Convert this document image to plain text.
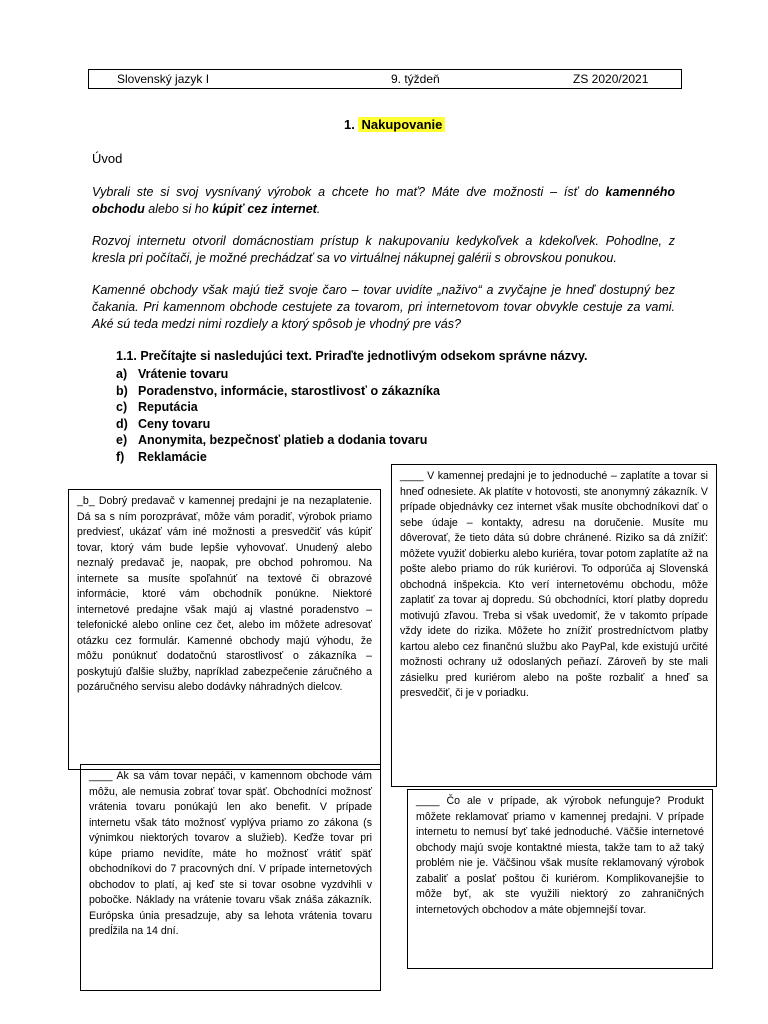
Slovenský jazyk I	9. týždeň	ZS 2020/2021
1. Nakupovanie
Úvod

Vybrali ste si svoj vysnívaný výrobok a chcete ho mať? Máte dve možnosti – ísť do kamenného obchodu alebo si ho kúpiť cez internet.

Rozvoj internetu otvoril domácnostiam prístup k nakupovaniu kedykoľvek a kdekoľvek. Pohodlne, z kresla pri počítači, je možné prechádzať sa vo virtuálnej nákupnej galérii s obrovskou ponukou.

Kamenné obchody však majú tiež svoje čaro – tovar uvidíte „naživo“ a zvyčajne je hneď dostupný bez čakania. Pri kamennom obchode cestujete za tovarom, pri internetovom tovar obvykle cestuje za vami. Aké sú teda medzi nimi rozdiely a ktorý spôsob je vhodný pre vás?

1.1. Prečítajte si nasledujúci text. Priraďte jednotlivým odsekom správne názvy.
a) Vrátenie tovaru
b) Poradenstvo, informácie, starostlivosť o zákazníka
c) Reputácia
d) Ceny tovaru
e) Anonymita, bezpečnosť platieb a dodania tovaru
f)	Reklamácie

_b_ Dobrý predavač v kamennej predajni je na nezaplatenie. Dá sa s ním porozprávať, môže vám poradiť, výrobok priamo predviesť, ukázať vám iné možnosti a presvedčiť vás kúpiť tovar, ktorý vám bude lepšie vyhovovať. Unudený alebo neznalý predavač je, naopak, pre obchod pohromou. Na internete sa musíte spoľahnúť na textové či obrazové informácie, ktoré vám obchodník ponúkne. Niektoré internetové predajne však majú aj vlastné poradenstvo – telefonické alebo online cez čet, alebo im môžete adresovať otázku cez formulár. Kamenné obchody majú výhodu, že môžu ponúknuť dodatočnú starostlivosť o zákazníka – poskytujú ďalšie služby, napríklad zabezpečenie záručného a pozáručného servisu alebo dodávky náhradných dielcov.

____ V kamennej predajni je to jednoduché – zaplatíte a tovar si hneď odnesiete. Ak platíte v hotovosti, ste anonymný zákazník. V prípade objednávky cez internet však musíte obchodníkovi dať o sebe údaje – kontakty, adresu na doručenie. Musíte mu dôverovať, že tieto dáta sú dobre chránené. Riziko sa dá znížiť: môžete využiť dobierku alebo kuriéra, tovar potom zaplatíte až na pošte alebo priamo do rúk kuriérovi. To odporúča aj Slovenská obchodná inšpekcia. Kto verí internetovému obchodu, môže zaplatiť za tovar aj dopredu. Sú obchodníci, ktorí platby dopredu motivujú zľavou. Treba si však uvedomiť, že v takomto prípade vždy idete do rizika. Môžete ho znížiť prostredníctvom platby kartou alebo cez finančnú službu ako PayPal, kde existujú určité možnosti ochrany už odoslaných peňazí. Zároveň by ste mali zásielku pred kuriérom alebo na pošte rozbaliť a hneď sa presvedčiť, či je v poriadku.

____ Ak sa vám tovar nepáči, v kamennom obchode vám môžu, ale nemusia zobrať tovar späť. Obchodníci možnosť vrátenia tovaru ponúkajú len ako benefit. V prípade internetu však táto možnosť vyplýva priamo zo zákona (s výnimkou niektorých tovarov a služieb). Keďže tovar pri kúpe priamo nevidíte, máte ho možnosť vrátiť späť obchodníkovi do 7 pracovných dní. V prípade internetových obchodov to platí, aj keď ste si tovar osobne vyzdvihli v pobočke. Náklady na vrátenie tovaru však znáša zákazník. Európska únia presadzuje, aby sa lehota vrátenia tovaru predĺžila na 14 dní.

____ Čo ale v prípade, ak výrobok nefunguje? Produkt môžete reklamovať priamo v kamennej predajni. V prípade internetu to nemusí byť také jednoduché. Väčšie internetové obchody majú svoje kontaktné miesta, takže tam to až taký problém nie je. Väčšinou však musíte reklamovaný výrobok zabaliť a poslať poštou či kuriérom. Komplikovanejšie to môže byť, ak ste využili niektorý zo zahraničných internetových obchodov a máte objemnejší tovar.
